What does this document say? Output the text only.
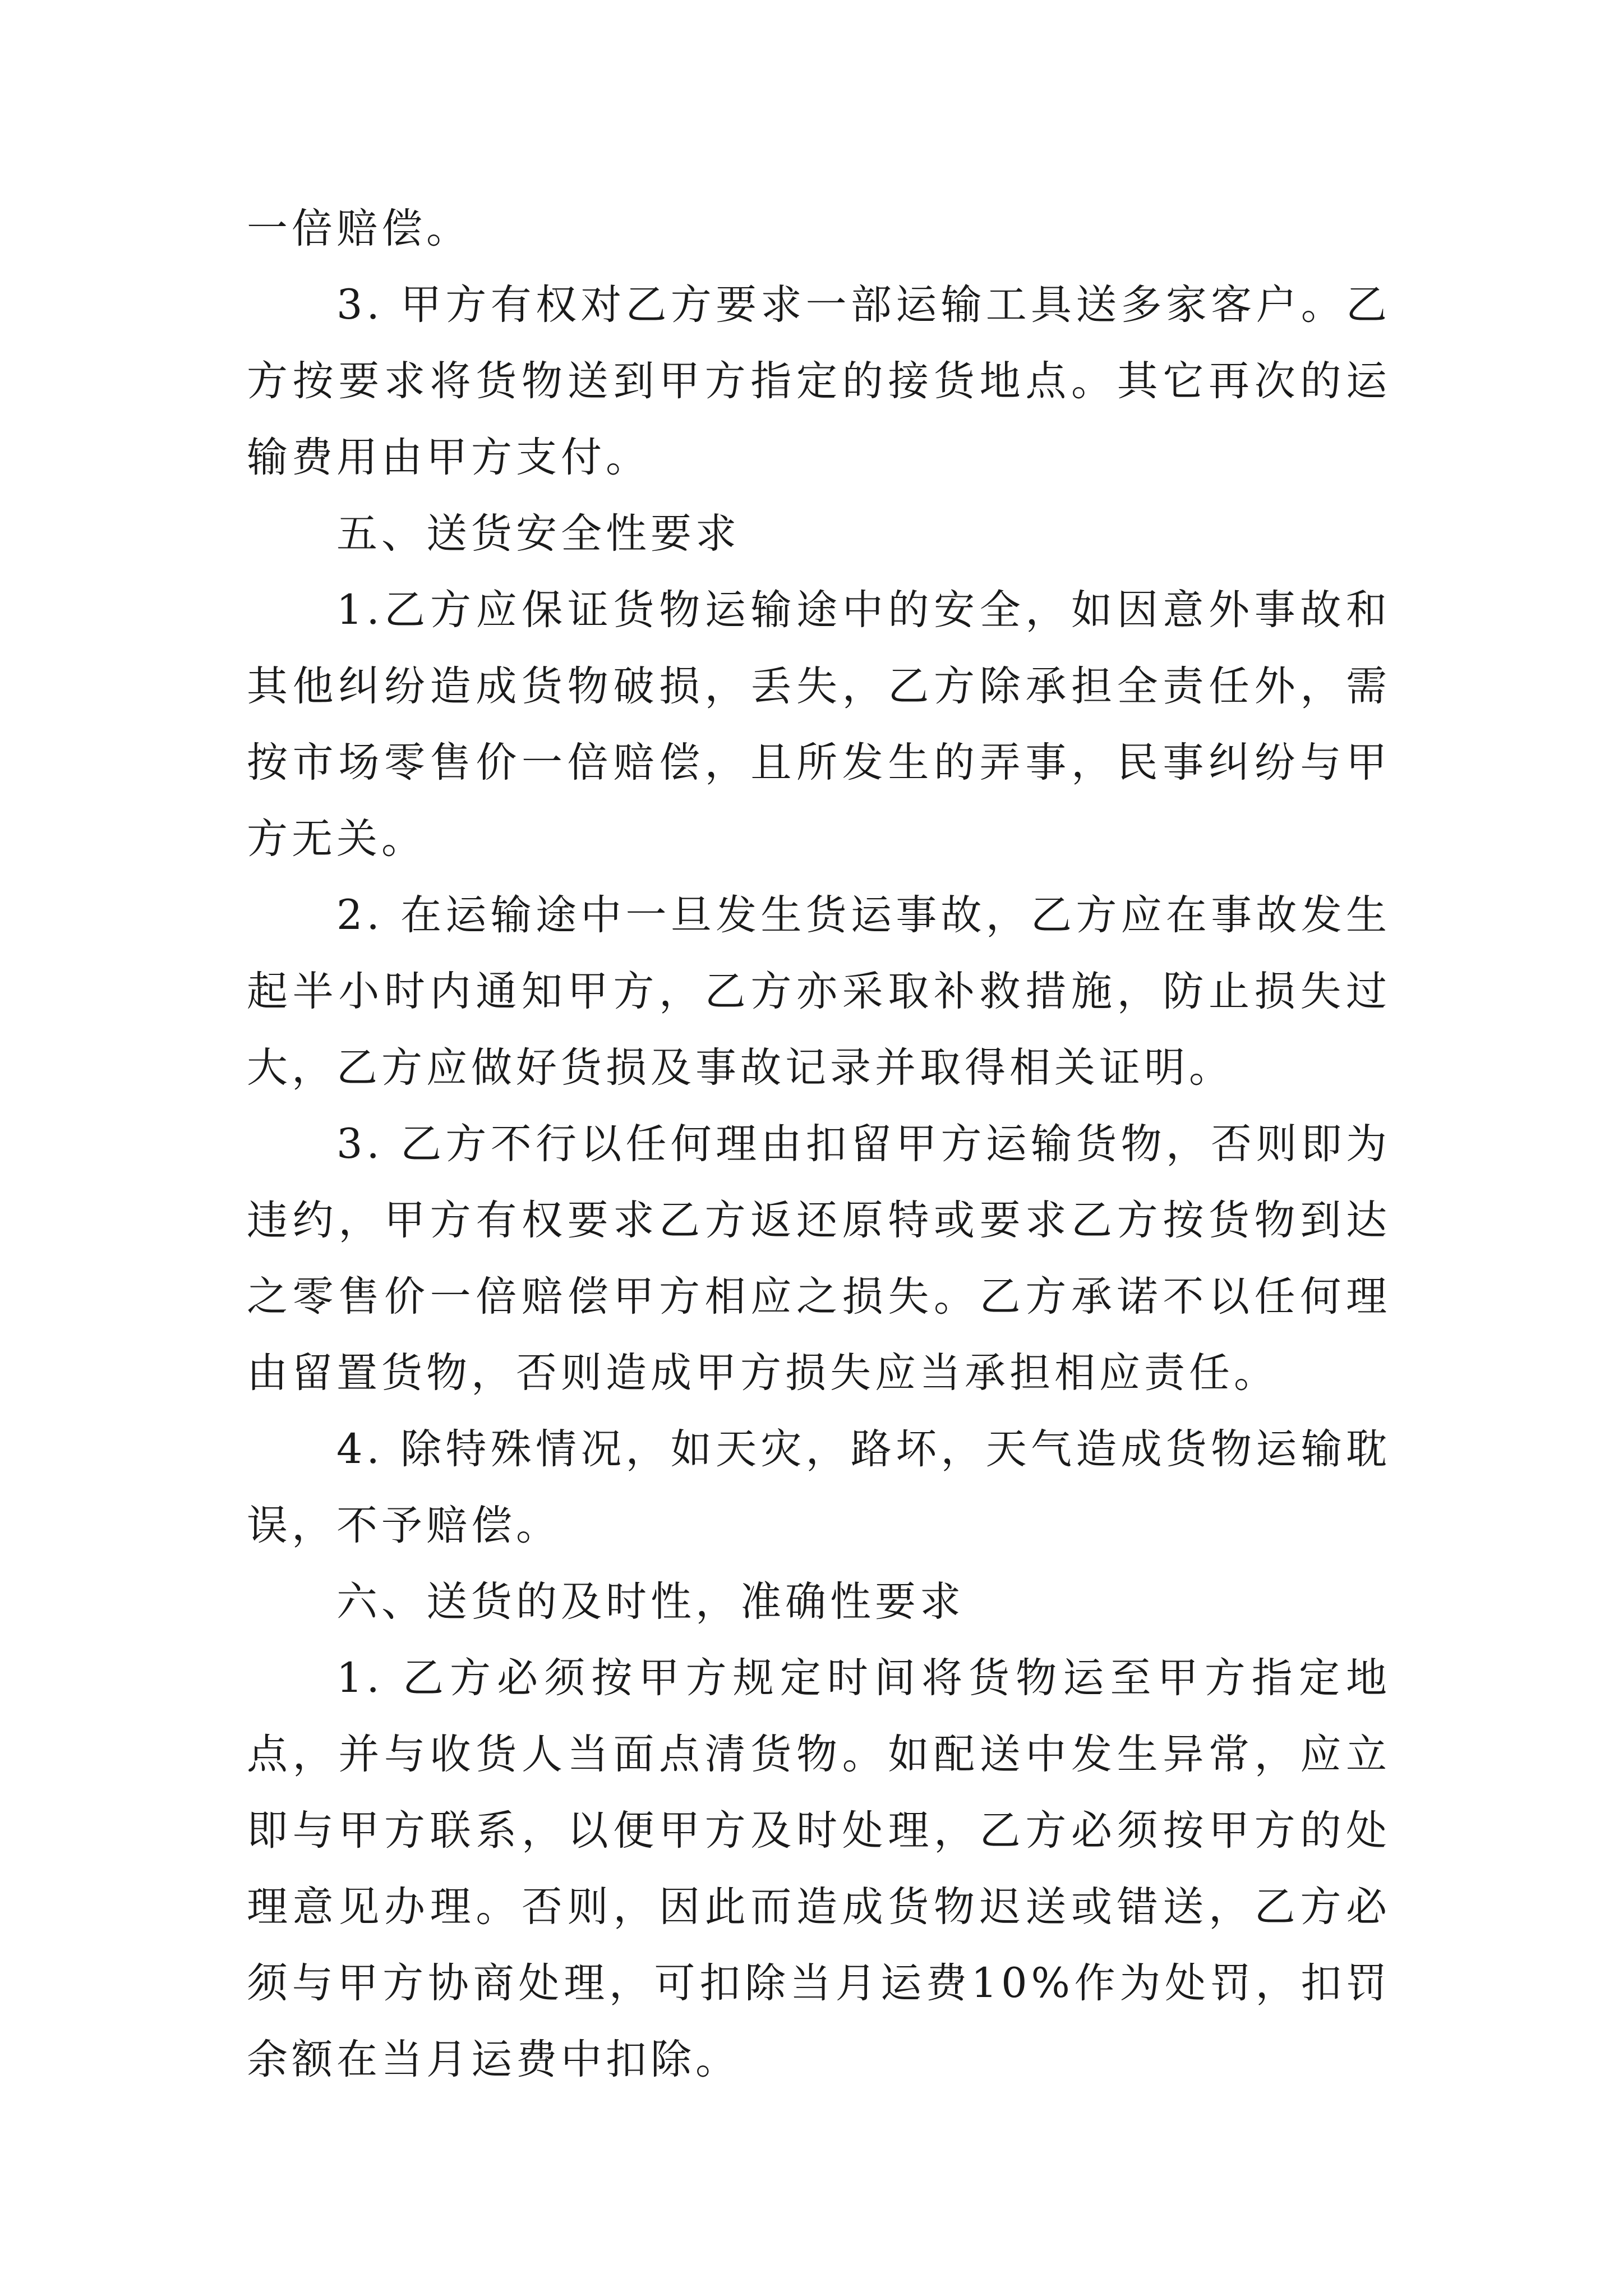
一倍赔偿。

3. 甲方有权对乙方要求一部运输工具送多家客户。乙方按要求将货物送到甲方指定的接货地点。其它再次的运输费用由甲方支付。

五、送货安全性要求

1.乙方应保证货物运输途中的安全，如因意外事故和其他纠纷造成货物破损，丢失，乙方除承担全责任外，需按市场零售价一倍赔偿，且所发生的弄事，民事纠纷与甲方无关。

2. 在运输途中一旦发生货运事故，乙方应在事故发生起半小时内通知甲方，乙方亦采取补救措施，防止损失过大，乙方应做好货损及事故记录并取得相关证明。

3. 乙方不行以任何理由扣留甲方运输货物，否则即为违约，甲方有权要求乙方返还原特或要求乙方按货物到达之零售价一倍赔偿甲方相应之损失。乙方承诺不以任何理由留置货物，否则造成甲方损失应当承担相应责任。

4. 除特殊情况，如天灾，路坏，天气造成货物运输耽误，不予赔偿。

六、送货的及时性，准确性要求

1. 乙方必须按甲方规定时间将货物运至甲方指定地点，并与收货人当面点清货物。如配送中发生异常，应立即与甲方联系，以便甲方及时处理，乙方必须按甲方的处理意见办理。否则，因此而造成货物迟送或错送，乙方必须与甲方协商处理，可扣除当月运费10%作为处罚，扣罚余额在当月运费中扣除。
